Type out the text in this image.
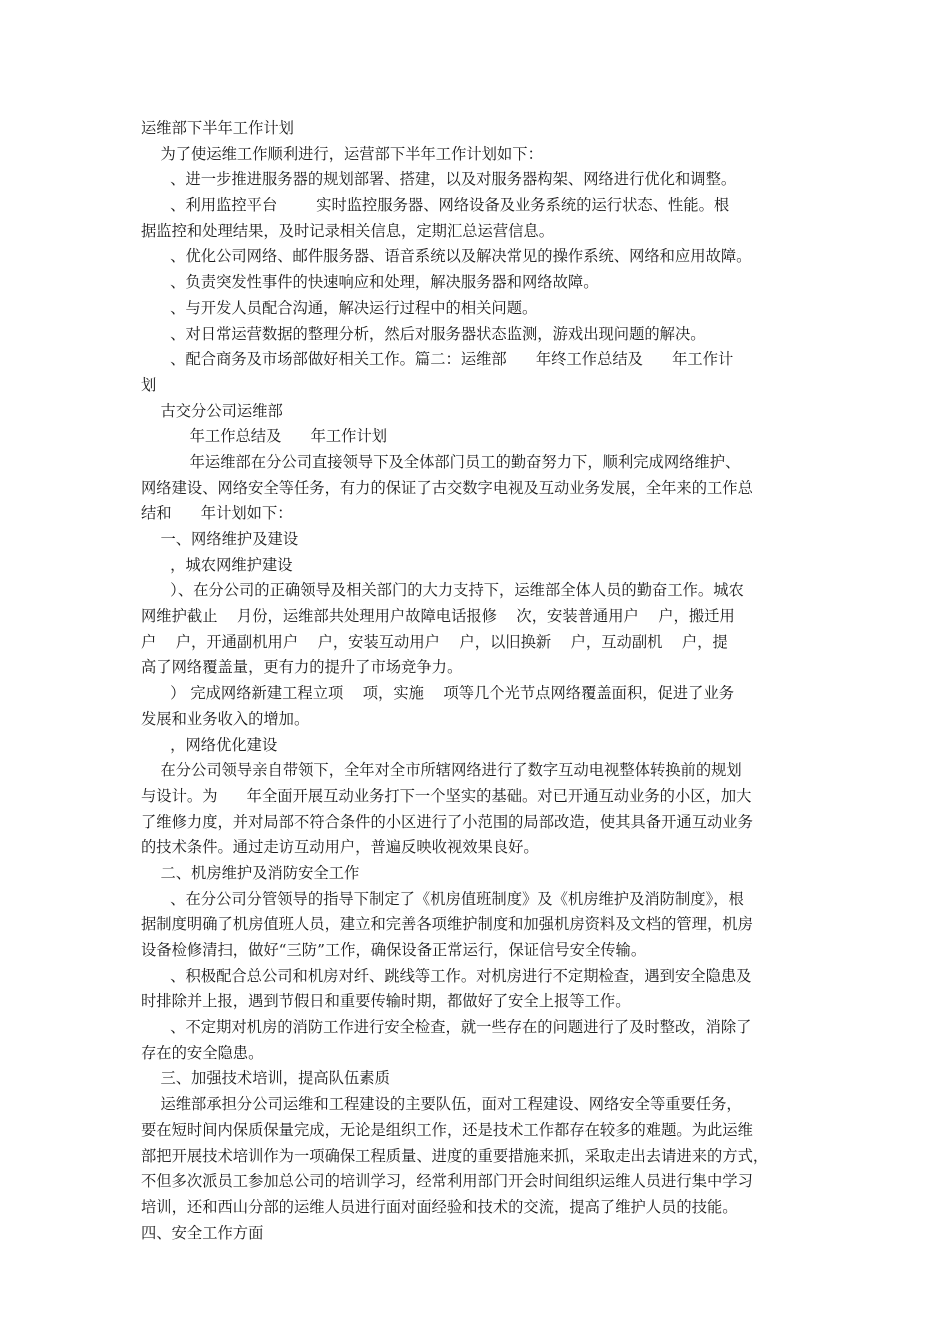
运维部下半年工作计划
为了使运维工作顺利进行，运营部下半年工作计划如下：
、进一步推进服务器的规划部署、搭建，以及对服务器构架、网络进行优化和调整。
、利用监控平台        实时监控服务器、网络设备及业务系统的运行状态、性能。根
据监控和处理结果，及时记录相关信息，定期汇总运营信息。
、优化公司网络、邮件服务器、语音系统以及解决常见的操作系统、网络和应用故障。
、负责突发性事件的快速响应和处理，解决服务器和网络故障。
、与开发人员配合沟通，解决运行过程中的相关问题。
、对日常运营数据的整理分析，然后对服务器状态监测，游戏出现问题的解决。
、配合商务及市场部做好相关工作。篇二：运维部      年终工作总结及      年工作计
划
古交分公司运维部
年工作总结及      年工作计划
年运维部在分公司直接领导下及全体部门员工的勤奋努力下，顺利完成网络维护、
网络建设、网络安全等任务，有力的保证了古交数字电视及互动业务发展，全年来的工作总
结和      年计划如下：
一、网络维护及建设
，城农网维护建设
）、在分公司的正确领导及相关部门的大力支持下，运维部全体人员的勤奋工作。城农
网维护截止    月份，运维部共处理用户故障电话报修    次，安装普通用户    户，搬迁用
户    户，开通副机用户    户，安装互动用户    户，以旧换新    户，互动副机    户，提
高了网络覆盖量，更有力的提升了市场竞争力。
） 完成网络新建工程立项    项，实施    项等几个光节点网络覆盖面积，促进了业务
发展和业务收入的增加。
，网络优化建设
在分公司领导亲自带领下，全年对全市所辖网络进行了数字互动电视整体转换前的规划
与设计。为      年全面开展互动业务打下一个坚实的基础。对已开通互动业务的小区，加大
了维修力度，并对局部不符合条件的小区进行了小范围的局部改造，使其具备开通互动业务
的技术条件。通过走访互动用户，普遍反映收视效果良好。
二、机房维护及消防安全工作
、在分公司分管领导的指导下制定了《机房值班制度》及《机房维护及消防制度》，根
据制度明确了机房值班人员，建立和完善各项维护制度和加强机房资料及文档的管理，机房
设备检修清扫，做好“三防”工作，确保设备正常运行，保证信号安全传输。
、积极配合总公司和机房对纤、跳线等工作。对机房进行不定期检查，遇到安全隐患及
时排除并上报，遇到节假日和重要传输时期，都做好了安全上报等工作。
、不定期对机房的消防工作进行安全检查，就一些存在的问题进行了及时整改，消除了
存在的安全隐患。
三、加强技术培训，提高队伍素质
运维部承担分公司运维和工程建设的主要队伍，面对工程建设、网络安全等重要任务，
要在短时间内保质保量完成，无论是组织工作，还是技术工作都存在较多的难题。为此运维
部把开展技术培训作为一项确保工程质量、进度的重要措施来抓，采取走出去请进来的方式，
不但多次派员工参加总公司的培训学习，经常利用部门开会时间组织运维人员进行集中学习
培训，还和西山分部的运维人员进行面对面经验和技术的交流，提高了维护人员的技能。
四、安全工作方面
